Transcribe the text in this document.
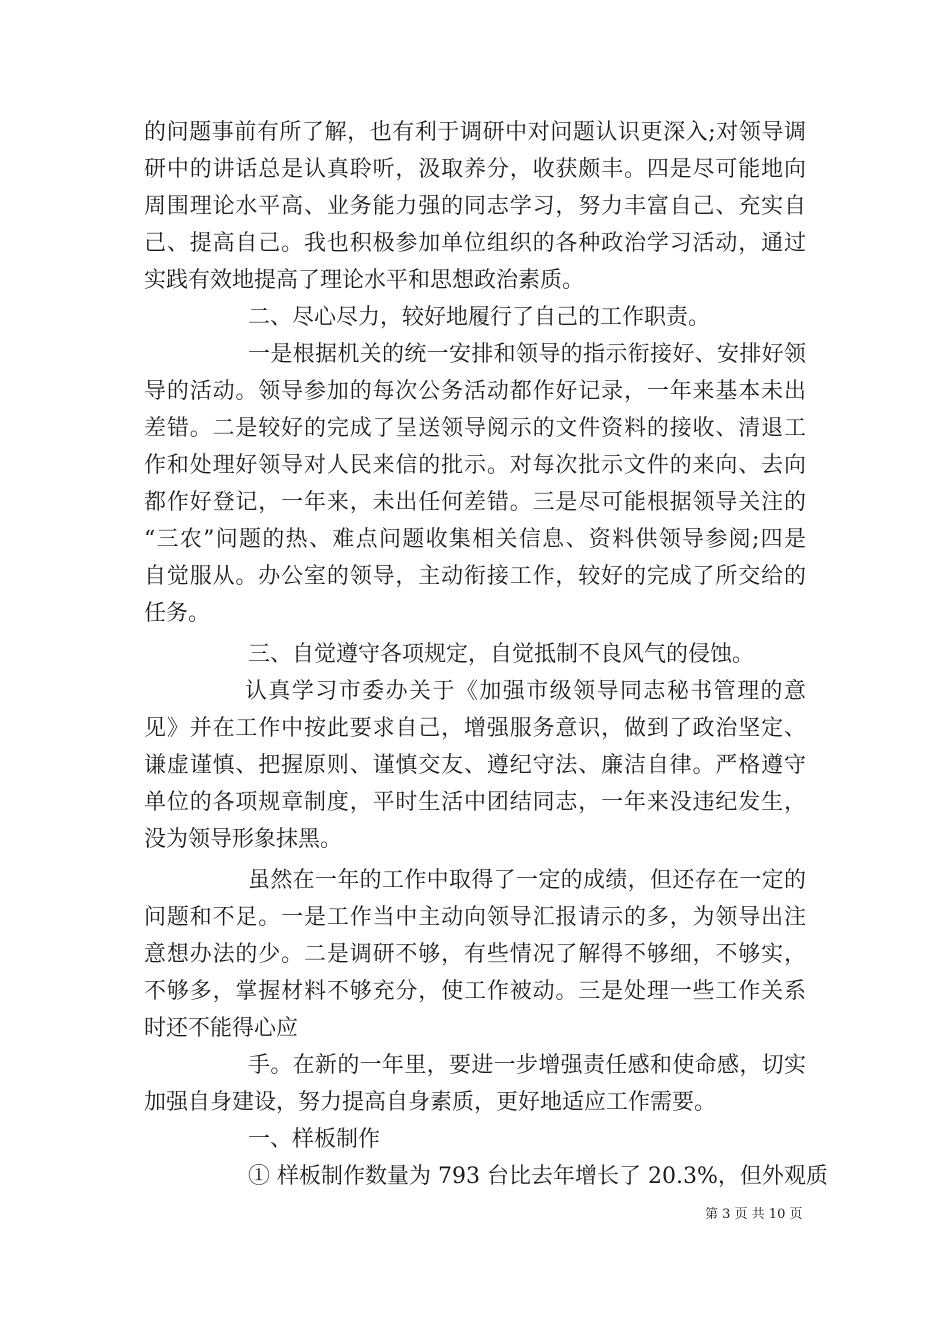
的问题事前有所了解，也有利于调研中对问题认识更深入;对领导调
研中的讲话总是认真聆听，汲取养分，收获颇丰。四是尽可能地向
周围理论水平高、业务能力强的同志学习，努力丰富自己、充实自
己、提高自己。我也积极参加单位组织的各种政治学习活动，通过
实践有效地提高了理论水平和思想政治素质。
二、尽心尽力，较好地履行了自己的工作职责。
一是根据机关的统一安排和领导的指示衔接好、安排好领
导的活动。领导参加的每次公务活动都作好记录，一年来基本未出
差错。二是较好的完成了呈送领导阅示的文件资料的接收、清退工
作和处理好领导对人民来信的批示。对每次批示文件的来向、去向
都作好登记，一年来，未出任何差错。三是尽可能根据领导关注的
“三农”问题的热、难点问题收集相关信息、资料供领导参阅;四是
自觉服从。办公室的领导，主动衔接工作，较好的完成了所交给的
任务。
三、自觉遵守各项规定，自觉抵制不良风气的侵蚀。
认真学习市委办关于《加强市级领导同志秘书管理的意
见》并在工作中按此要求自己，增强服务意识，做到了政治坚定、
谦虚谨慎、把握原则、谨慎交友、遵纪守法、廉洁自律。严格遵守
单位的各项规章制度，平时生活中团结同志，一年来没违纪发生，
没为领导形象抹黑。
虽然在一年的工作中取得了一定的成绩，但还存在一定的
问题和不足。一是工作当中主动向领导汇报请示的多，为领导出注
意想办法的少。二是调研不够，有些情况了解得不够细，不够实，
不够多，掌握材料不够充分，使工作被动。三是处理一些工作关系
时还不能得心应
手。在新的一年里，要进一步增强责任感和使命感，切实
加强自身建设，努力提高自身素质，更好地适应工作需要。
一、样板制作
① 样板制作数量为 793 台比去年增长了 20.3%，但外观质
第 3 页 共 10 页
